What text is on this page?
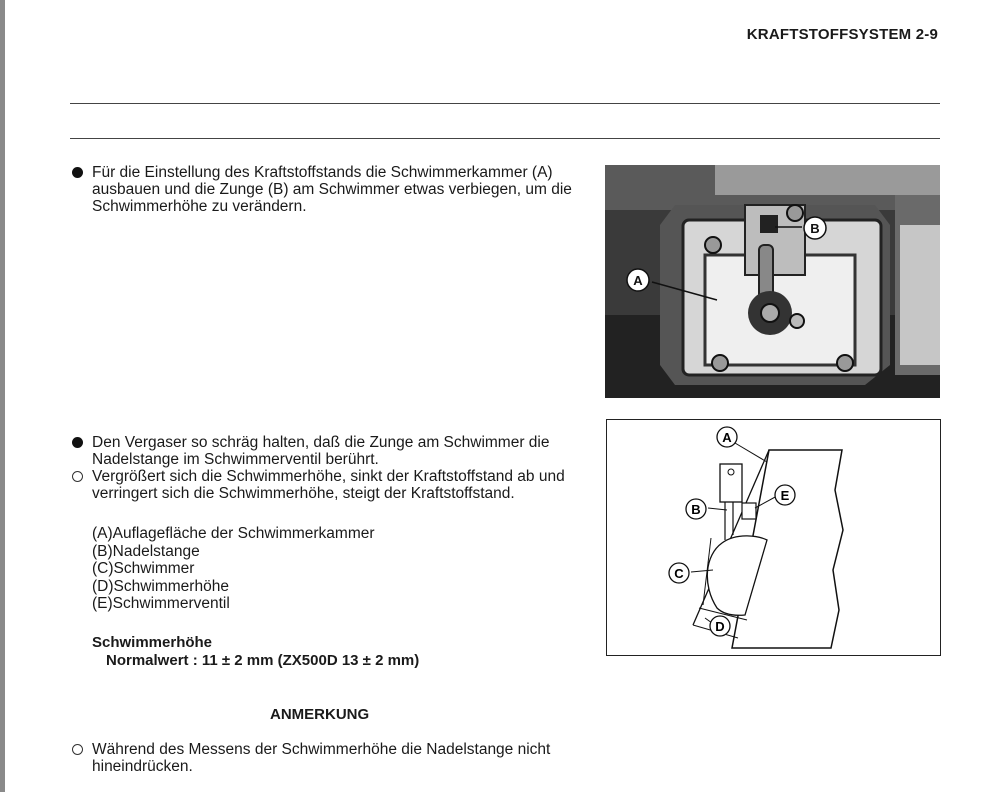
KRAFTSTOFFSYSTEM 2-9

Für die Einstellung des Kraftstoffstands die Schwimmerkammer (A) ausbauen und die Zunge (B) am Schwimmer etwas verbiegen, um die Schwimmerhöhe zu verändern.

A
B

Den Vergaser so schräg halten, daß die Zunge am Schwimmer die Nadelstange im Schwimmerventil berührt.

Vergrößert sich die Schwimmerhöhe, sinkt der Kraftstoffstand ab und verringert sich die Schwimmerhöhe, steigt der Kraftstoffstand.

(A)Auflagefläche der Schwimmerkammer
(B)Nadelstange
(C)Schwimmer
(D)Schwimmerhöhe
(E)Schwimmerventil
A
B
E
C
D
Schwimmerhöhe
Normalwert : 11 ± 2 mm (ZX500D 13 ± 2 mm)
ANMERKUNG

Während des Messens der Schwimmerhöhe die Nadelstange nicht hineindrücken.
